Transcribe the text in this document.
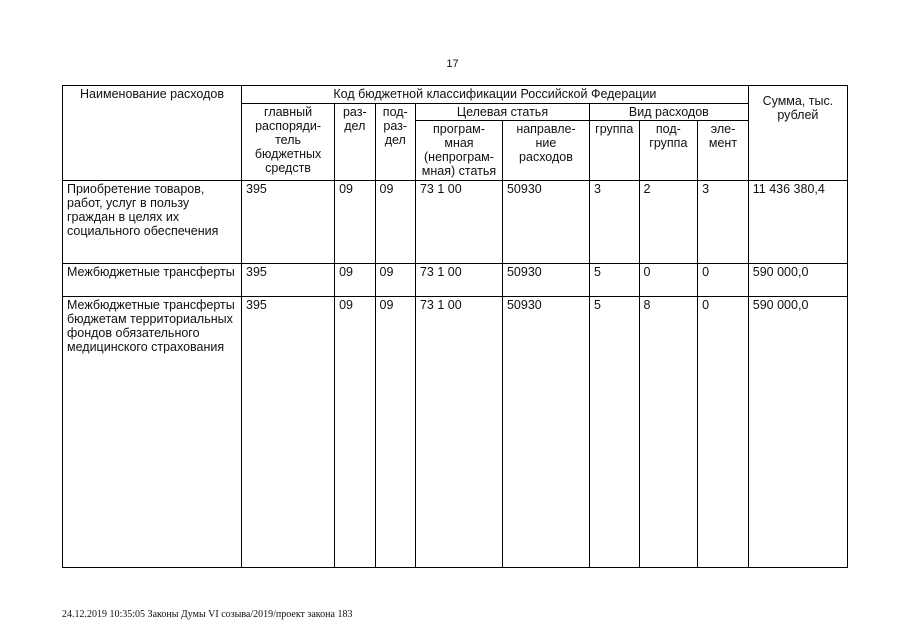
17
Наименование расходов	Код бюджетной классификации Российской Федерации								Сумма, тыс. рублей
	главный распоряди-тель бюджетных средств	раз-дел	под-раз-дел	Целевая статья		Вид расходов			
				програм-мная (непрограм-мная) статья	направле-ние расходов	группа	под-группа	эле-мент	
Приобретение товаров, работ, услуг в пользу граждан в целях их социального обеспечения	395	09	09	73 1 00	50930	3	2	3	11 436 380,4
Межбюджетные трансферты	395	09	09	73 1 00	50930	5	0	0	590 000,0
Межбюджетные трансферты бюджетам территориальных фондов обязательного медицинского страхования	395	09	09	73 1 00	50930	5	8	0	590 000,0
24.12.2019 10:35:05 Законы Думы VI созыва/2019/проект закона 183
